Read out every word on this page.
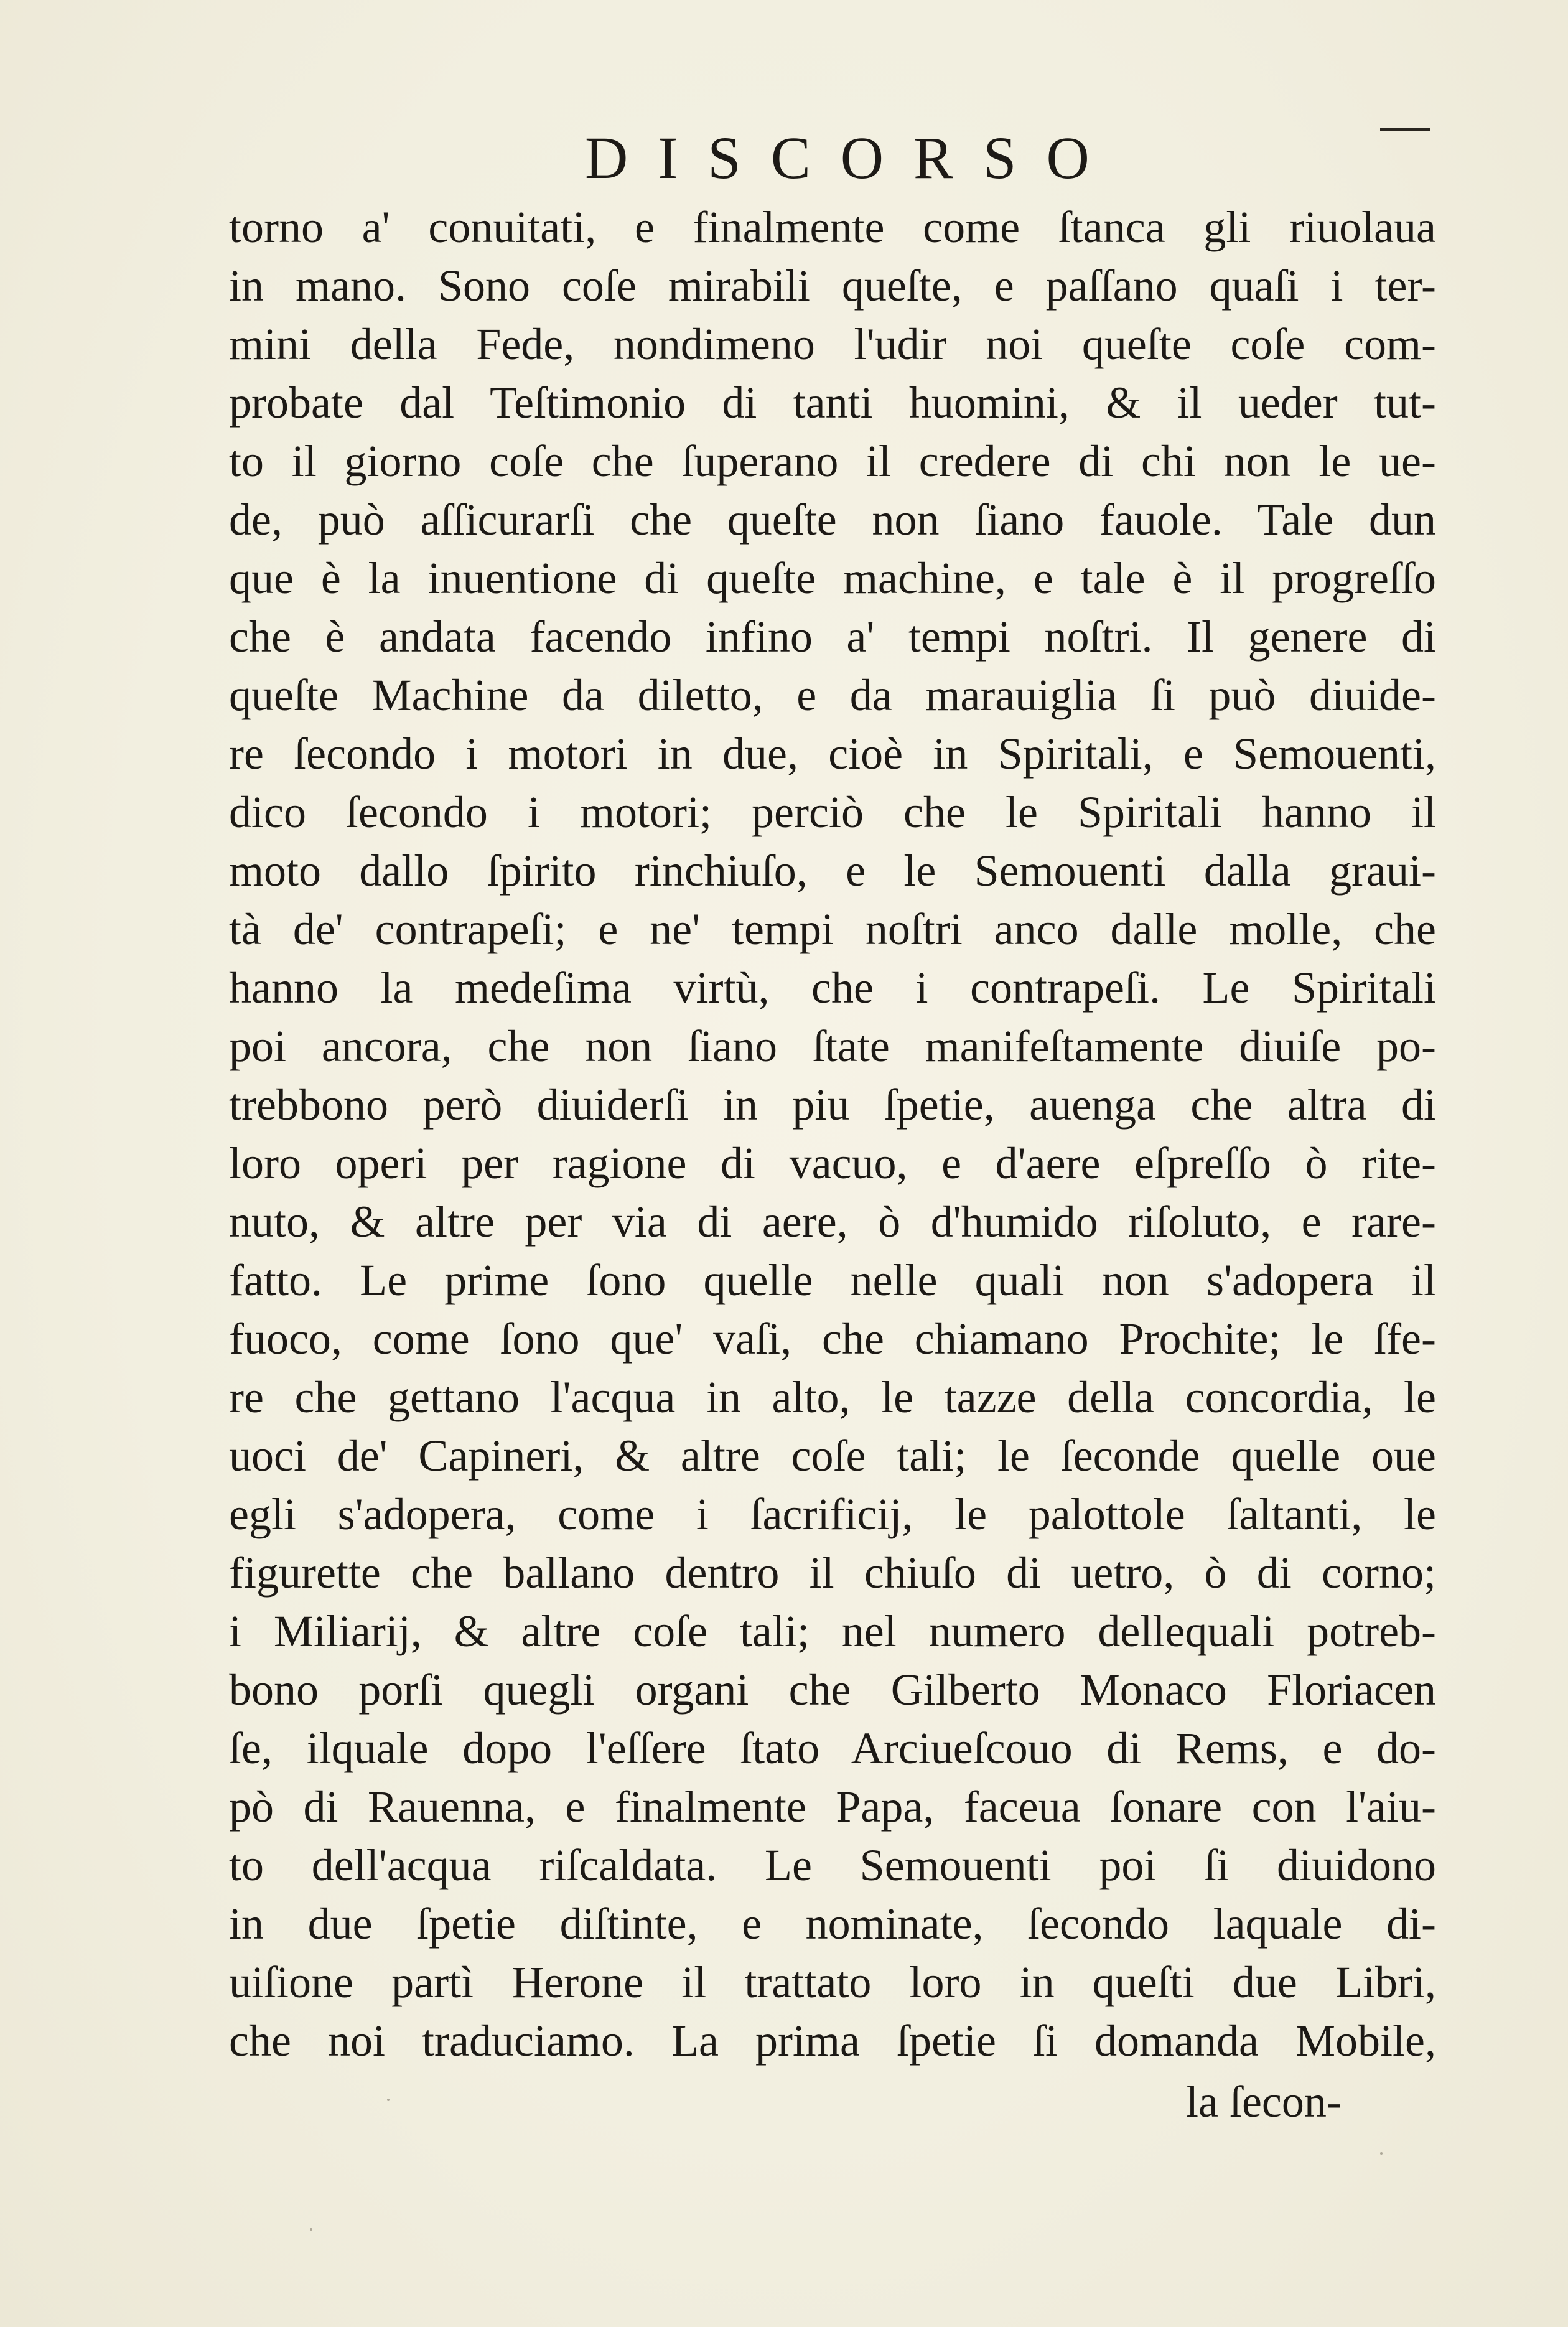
DISCORSO
torno a' conuitati, e finalmente come ſtanca gli riuolaua
in mano. Sono coſe mirabili queſte, e paſſano quaſi i ter-
mini della Fede, nondimeno l'udir noi queſte coſe com-
probate dal Teſtimonio di tanti huomini, & il ueder tut-
to il giorno coſe che ſuperano il credere di chi non le ue-
de, può aſſicurarſi che queſte non ſiano fauole. Tale dun
que è la inuentione di queſte machine, e tale è il progreſſo
che è andata facendo infino a' tempi noſtri. Il genere di
queſte Machine da diletto, e da marauiglia ſi può diuide-
re ſecondo i motori in due, cioè in Spiritali, e Semouenti,
dico ſecondo i motori; perciò che le Spiritali hanno il
moto dallo ſpirito rinchiuſo, e le Semouenti dalla graui-
tà de' contrapeſi; e ne' tempi noſtri anco dalle molle, che
hanno la medeſima virtù, che i contrapeſi. Le Spiritali
poi ancora, che non ſiano ſtate manifeſtamente diuiſe po-
trebbono però diuiderſi in piu ſpetie, auenga che altra di
loro operi per ragione di vacuo, e d'aere eſpreſſo ò rite-
nuto, & altre per via di aere, ò d'humido riſoluto, e rare-
fatto. Le prime ſono quelle nelle quali non s'adopera il
fuoco, come ſono que' vaſi, che chiamano Prochite; le ſfe-
re che gettano l'acqua in alto, le tazze della concordia, le
uoci de' Capineri, & altre coſe tali; le ſeconde quelle oue
egli s'adopera, come i ſacrificij, le palottole ſaltanti, le
figurette che ballano dentro il chiuſo di uetro, ò di corno;
i Miliarij, & altre coſe tali; nel numero dellequali potreb-
bono porſi quegli organi che Gilberto Monaco Floriacen
ſe, ilquale dopo l'eſſere ſtato Arciueſcouo di Rems, e do-
pò di Rauenna, e finalmente Papa, faceua ſonare con l'aiu-
to dell'acqua riſcaldata. Le Semouenti poi ſi diuidono
in due ſpetie diſtinte, e nominate, ſecondo laquale di-
uiſione partì Herone il trattato loro in queſti due Libri,
che noi traduciamo. La prima ſpetie ſi domanda Mobile,
la ſecon-
